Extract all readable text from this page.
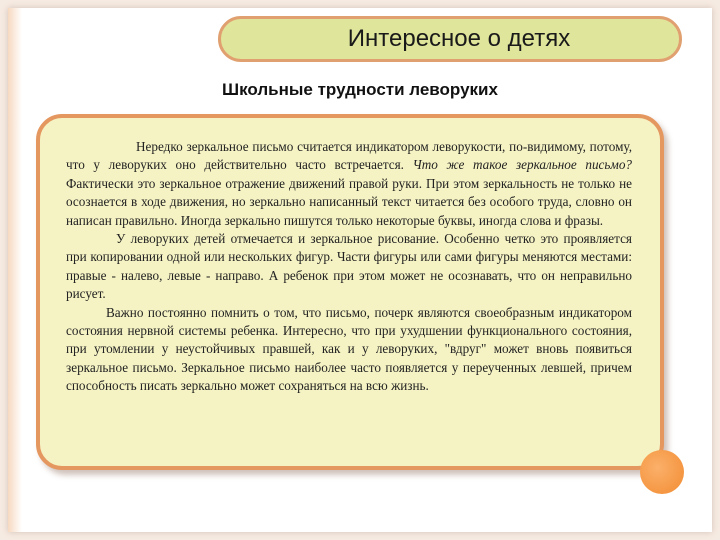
Интересное о детях
Школьные трудности леворуких

Нередко зеркальное письмо считается индикатором леворукости, по-видимому, потому, что у леворуких оно действительно часто встречается. Что же такое зеркальное письмо? Фактически это зеркальное отражение движений правой руки. При этом зеркальность не только не осознается в ходе движения, но зеркально написанный текст читается без особого труда, словно он написан правильно. Иногда зеркально пишутся только некоторые буквы, иногда слова и фразы.

У леворуких детей отмечается и зеркальное рисование. Особенно четко это проявляется при копировании одной или нескольких фигур. Части фигуры или сами фигуры меняются местами: правые - налево, левые - направо. А ребенок при этом может не осознавать, что он неправильно рисует.

Важно постоянно помнить о том, что письмо, почерк являются своеобразным индикатором состояния нервной системы ребенка. Интересно, что при ухудшении функционального состояния, при утомлении у неустойчивых правшей, как и у леворуких, "вдруг" может вновь появиться зеркальное письмо. Зеркальное письмо наиболее часто появляется у переученных левшей, причем способность писать зеркально может сохраняться на всю жизнь.
